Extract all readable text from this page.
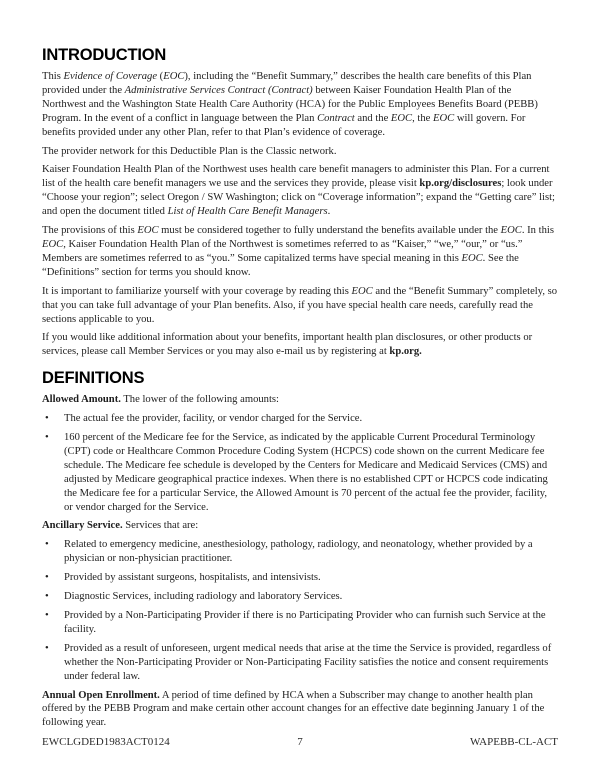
INTRODUCTION

This Evidence of Coverage (EOC), including the “Benefit Summary,” describes the health care benefits of this Plan provided under the Administrative Services Contract (Contract) between Kaiser Foundation Health Plan of the Northwest and the Washington State Health Care Authority (HCA) for the Public Employees Benefits Board (PEBB) Program. In the event of a conflict in language between the Plan Contract and the EOC, the EOC will govern. For benefits provided under any other Plan, refer to that Plan’s evidence of coverage.

The provider network for this Deductible Plan is the Classic network.

Kaiser Foundation Health Plan of the Northwest uses health care benefit managers to administer this Plan. For a current list of the health care benefit managers we use and the services they provide, please visit kp.org/disclosures; look under “Choose your region”; select Oregon / SW Washington; click on “Coverage information”; expand the “Getting care” list; and open the document titled List of Health Care Benefit Managers.

The provisions of this EOC must be considered together to fully understand the benefits available under the EOC. In this EOC, Kaiser Foundation Health Plan of the Northwest is sometimes referred to as “Kaiser,” “we,” “our,” or “us.” Members are sometimes referred to as “you.” Some capitalized terms have special meaning in this EOC. See the “Definitions” section for terms you should know.

It is important to familiarize yourself with your coverage by reading this EOC and the “Benefit Summary” completely, so that you can take full advantage of your Plan benefits. Also, if you have special health care needs, carefully read the sections applicable to you.

If you would like additional information about your benefits, important health plan disclosures, or other products or services, please call Member Services or you may also e-mail us by registering at kp.org.

DEFINITIONS

Allowed Amount. The lower of the following amounts:

• The actual fee the provider, facility, or vendor charged for the Service.
• 160 percent of the Medicare fee for the Service, as indicated by the applicable Current Procedural Terminology (CPT) code or Healthcare Common Procedure Coding System (HCPCS) code shown on the current Medicare fee schedule. The Medicare fee schedule is developed by the Centers for Medicare and Medicaid Services (CMS) and adjusted by Medicare geographical practice indexes. When there is no established CPT or HCPCS code indicating the Medicare fee for a particular Service, the Allowed Amount is 70 percent of the actual fee the provider, facility, or vendor charged for the Service.

Ancillary Service. Services that are:

• Related to emergency medicine, anesthesiology, pathology, radiology, and neonatology, whether provided by a physician or non-physician practitioner.
• Provided by assistant surgeons, hospitalists, and intensivists.
• Diagnostic Services, including radiology and laboratory Services.
• Provided by a Non-Participating Provider if there is no Participating Provider who can furnish such Service at the facility.
• Provided as a result of unforeseen, urgent medical needs that arise at the time the Service is provided, regardless of whether the Non-Participating Provider or Non-Participating Facility satisfies the notice and consent requirements under federal law.

Annual Open Enrollment. A period of time defined by HCA when a Subscriber may change to another health plan offered by the PEBB Program and make certain other account changes for an effective date beginning January 1 of the following year.

EWCLGDED1983ACT0124	7	WAPEBB-CL-ACT
